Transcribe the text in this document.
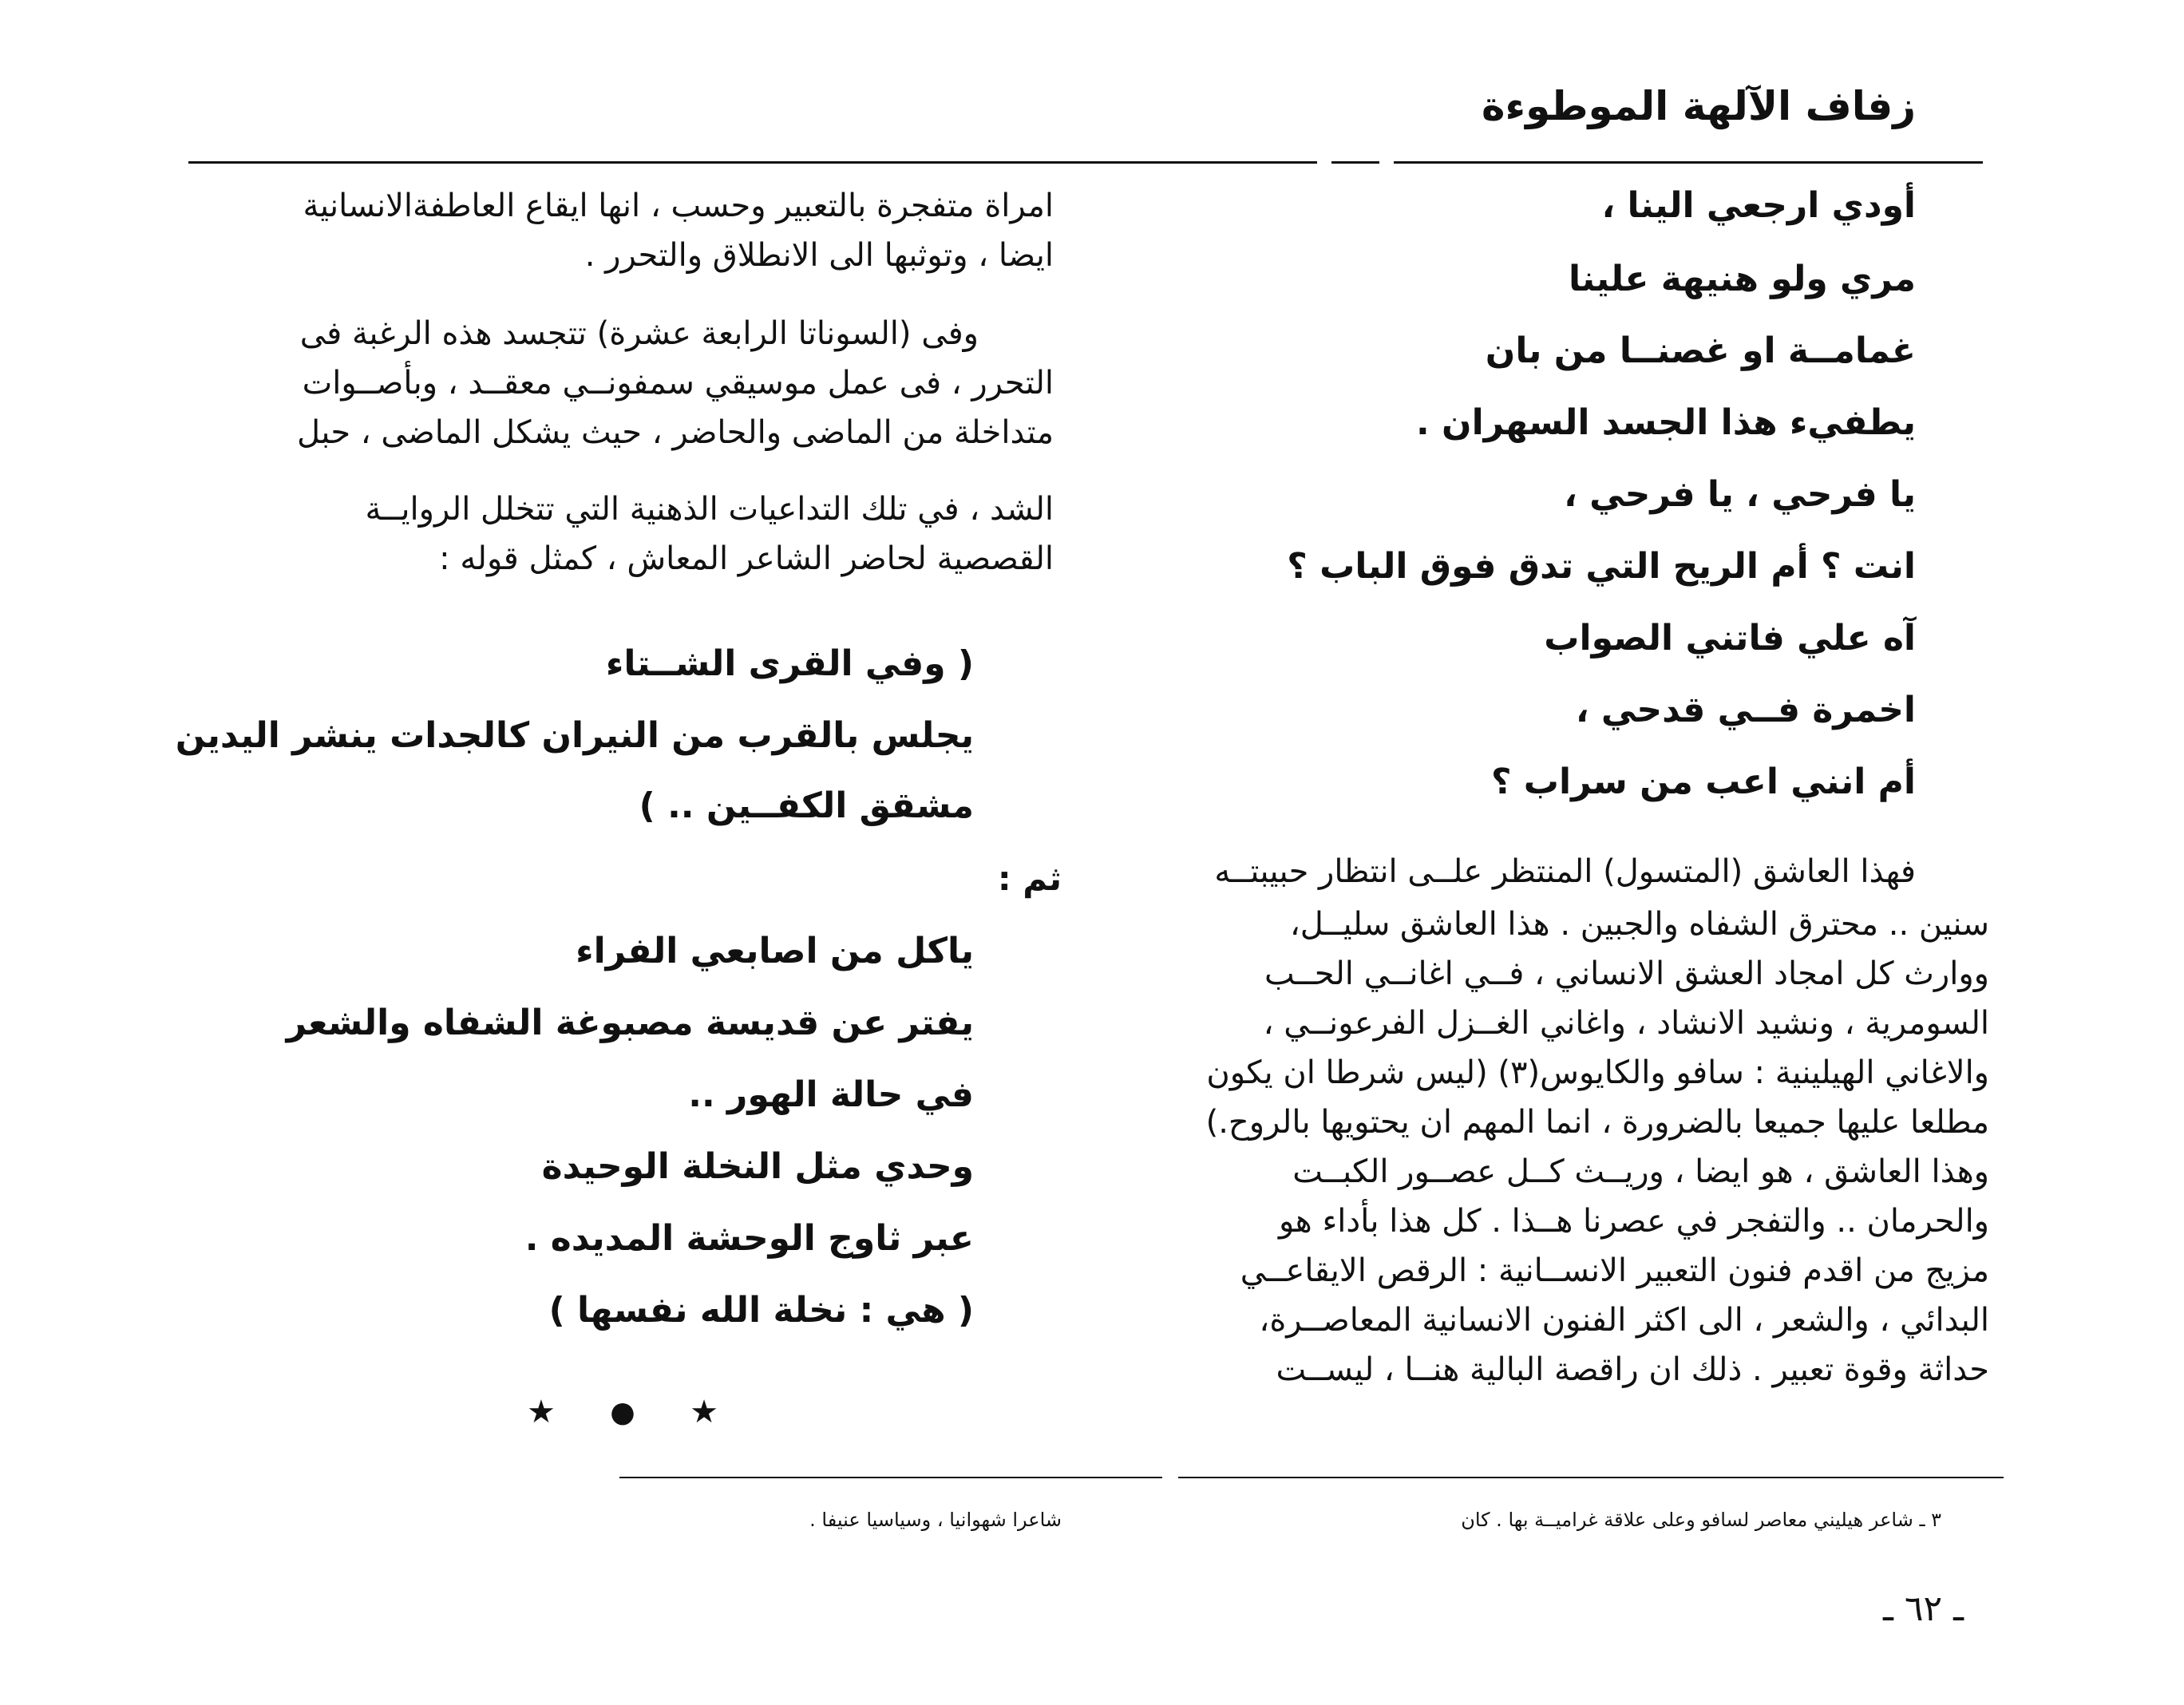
زفاف الآلهة الموطوءة
أودي ارجعي الينا ،
مري ولو هنيهة علينا
غمامــة او غصنــا من بان
يطفيء هذا الجسد السهران .
يا فرحي ، يا فرحي ،
انت ؟ أم الريح التي تدق فوق الباب ؟
آه علي فاتني الصواب
اخمرة فــي قدحي ،
أم انني اعب من سراب ؟
فهذا العاشق (المتسول) المنتظر علــى انتظار حبيبتــه
سنين .. محترق الشفاه والجبين . هذا العاشق سليــل،
ووارث كل امجاد العشق الانساني ، فــي اغانــي الحــب
السومرية ، ونشيد الانشاد ، واغاني الغــزل الفرعونــي ،
والاغاني الهيلينية : سافو والكايوس(٣) (ليس شرطا ان يكون
مطلعا عليها جميعا بالضرورة ، انما المهم ان يحتويها بالروح.)
وهذا العاشق ، هو ايضا ، وريــث كــل عصــور الكبــت
والحرمان .. والتفجر في عصرنا هــذا . كل هذا بأداء هو
مزيج من اقدم فنون التعبير الانســانية : الرقص الايقاعــي
البدائي ، والشعر ، الى اكثر الفنون الانسانية المعاصــرة،
حداثة وقوة تعبير . ذلك ان راقصة البالية هنــا ، ليســت
امراة متفجرة بالتعبير وحسب ، انها ايقاع العاطفةالانسانية
ايضا ، وتوثبها الى الانطلاق والتحرر .
وفى (السوناتا الرابعة عشرة) تتجسد هذه الرغبة فى
التحرر ، فى عمل موسيقي سمفونــي معقــد ، وبأصــوات
متداخلة من الماضى والحاضر ، حيث يشكل الماضى ، حبل
الشد ، في تلك التداعيات الذهنية التي تتخلل الروايــة
القصصية لحاضر الشاعر المعاش ، كمثل قوله :
( وفي القرى الشــتاء
يجلس بالقرب من النيران كالجدات ينشر اليدين
مشقق الكفــين .. )
ثم :
ياكل من اصابعي الفراء
يفتر عن قديسة مصبوغة الشفاه والشعر
في حالة الهور ..
وحدي مثل النخلة الوحيدة
عبر ثاوج الوحشة المديده .
( هي : نخلة الله نفسها )
★ ● ★
٣ ـ شاعر هيليني معاصر لسافو وعلى علاقة غراميــة بها . كان
شاعرا شهوانيا ، وسياسيا عنيفا .
ـ ٦٢ ـ
